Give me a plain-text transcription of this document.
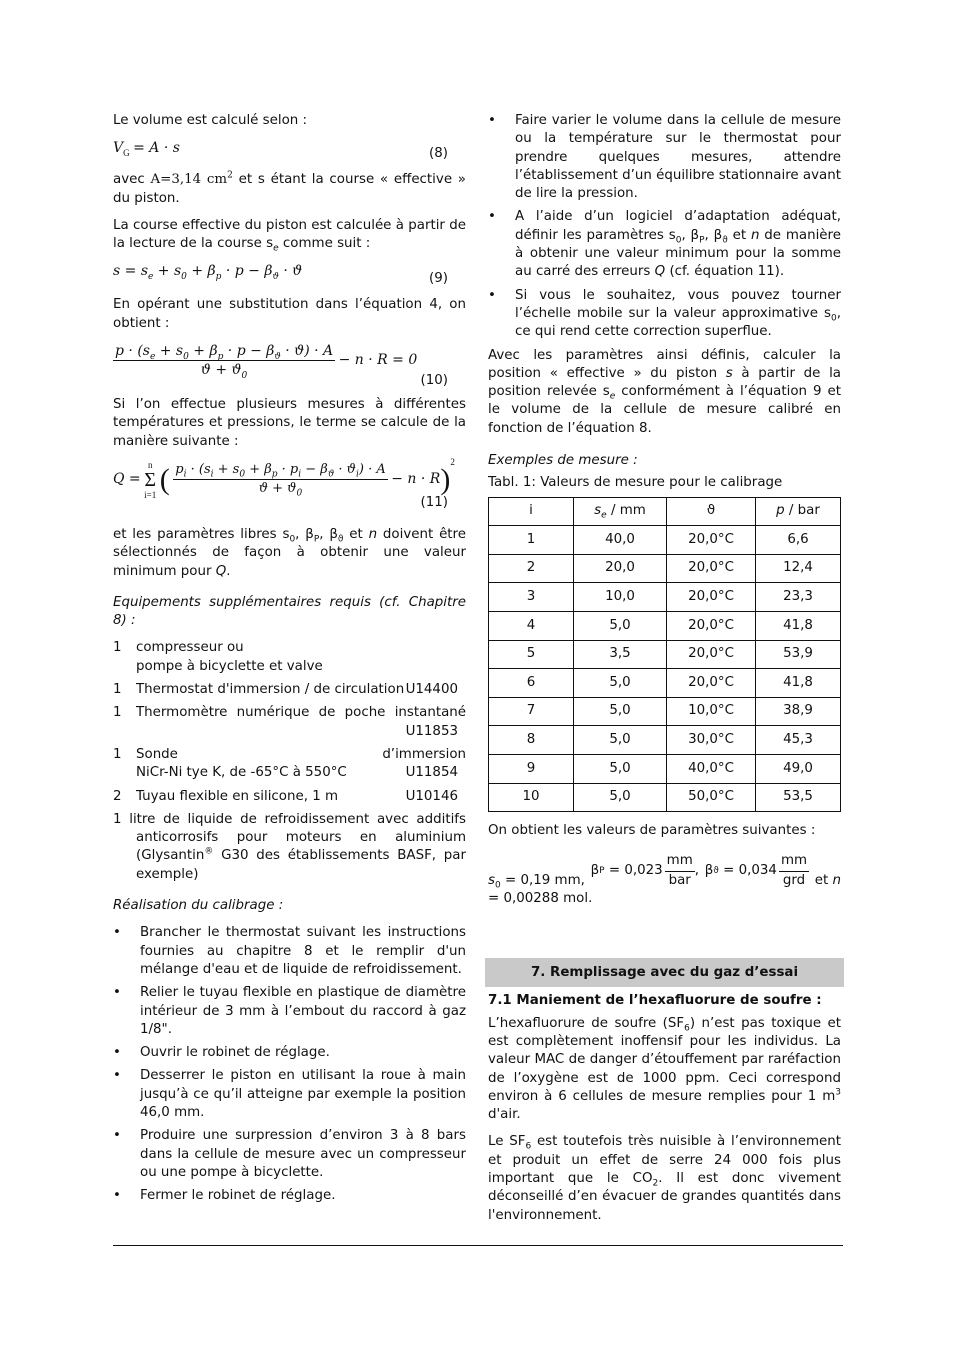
Le volume est calculé selon :

$V_G = A \cdot s$	(8)

avec A=3,14 $cm^2$ et s étant la course « effective » du piston.

La course effective du piston est calculée à partir de la lecture de la course $s_e$ comme suit :

$s = s_e + s_0 + \beta_p \cdot p - \beta_ϑ \cdot ϑ$	(9)

En opérant une substitution dans l’équation 4, on obtient :

$\frac{p \cdot (s_e + s_0 + \beta_p \cdot p - \beta_ϑ \cdot ϑ) \cdot A}{ϑ + ϑ_0} - n \cdot R = 0$
(10)

Si l’on effectue plusieurs mesures à différentes températures et pressions, le terme se calcule de la manière suivante :

Q =
n
Σ
i=1 ( $\frac{p_i \cdot (s_i + s_0 + \beta_p \cdot p_i - \beta_ϑ \cdot ϑ_i) \cdot A}{ϑ + ϑ_0} - n \cdot R)^2$
(11)

et les paramètres libres $s_0$, $\beta_P$, $\beta_ϑ$ et n doivent être sélectionnés de façon à obtenir une valeur minimum pour Q.

Equipements supplémentaires requis (cf. Chapitre 8) :

1	compresseur ou
pompe à bicyclette et valve
1	Thermostat d'immersion / de circulation U14400
1	Thermomètre numérique de poche instantané
U11853
1	Sonde	d’immersion
NiCr-Ni tye K, de -65°C à 550°C	U11854
2	Tuyau flexible en silicone, 1 m	U10146

1 litre de liquide de refroidissement avec additifs anticorrosifs pour moteurs en aluminium (Glysantin® G30 des établissements BASF, par exemple)

Réalisation du calibrage :

•	Brancher le thermostat suivant les instructions fournies au chapitre 8 et le remplir d'un mélange d'eau et de liquide de refroidissement.
•	Relier le tuyau flexible en plastique de diamètre intérieur de 3 mm à l’embout du raccord à gaz 1/8".
•	Ouvrir le robinet de réglage.
•	Desserrer le piston en utilisant la roue à main jusqu’à ce qu’il atteigne par exemple la position 46,0 mm.
•	Produire une surpression d’environ 3 à 8 bars dans la cellule de mesure avec un compresseur ou une pompe à bicyclette.
•	Fermer le robinet de réglage.
•	Faire varier le volume dans la cellule de mesure ou la température sur le thermostat pour prendre quelques mesures, attendre l’établissement d’un équilibre stationnaire avant de lire la pression.
•	A l’aide d’un logiciel d’adaptation adéquat, définir les paramètres $s_0$, $\beta_P$, $\beta_ϑ$ et n de manière à obtenir une valeur minimum pour la somme au carré des erreurs Q (cf. équation 11).
•	Si vous le souhaitez, vous pouvez tourner l’échelle mobile sur la valeur approximative $s_0$, ce qui rend cette correction superflue.

Avec les paramètres ainsi définis, calculer la position « effective » du piston s à partir de la position relevée $s_e$ conformément à l’équation 9 et le volume de la cellule de mesure calibré en fonction de l’équation 8.

Exemples de mesure :

Tabl. 1: Valeurs de mesure pour le calibrage

i	$s_e$ / mm	ϑ	p / bar
1	40,0	20,0°C	6,6
2	20,0	20,0°C	12,4
3	10,0	20,0°C	23,3
4	5,0	20,0°C	41,8
5	3,5	20,0°C	53,9
6	5,0	20,0°C	41,8
7	5,0	10,0°C	38,9
8	5,0	30,0°C	45,3
9	5,0	40,0°C	49,0
10	5,0	50,0°C	53,5

On obtient les valeurs de paramètres suivantes :

$s_0 = 0,19$ mm,
β P
= $0,023 \frac{mm}{\text{bar}}$ , β ϑ
= $0,034 \frac{mm}{\text{grd}}$ et n
= 0,00288 mol.
7. Remplissage avec du gaz d’essai

7.1 Maniement de l’hexafluorure de soufre :

L’hexafluorure de soufre $(SF_6)$ n’est pas toxique et est complètement inoffensif pour les individus. La valeur MAC de danger d’étouffement par raréfaction de l’oxygène est de 1000 ppm. Ceci correspond environ à 6 cellules de mesure remplies pour 1 $m^3$ d'air.

Le $SF_6$ est toutefois très nuisible à l’environnement et produit un effet de serre 24 000 fois plus important que le $CO_2$. Il est donc vivement déconseillé d’en évacuer de grandes quantités dans l'environnement.
